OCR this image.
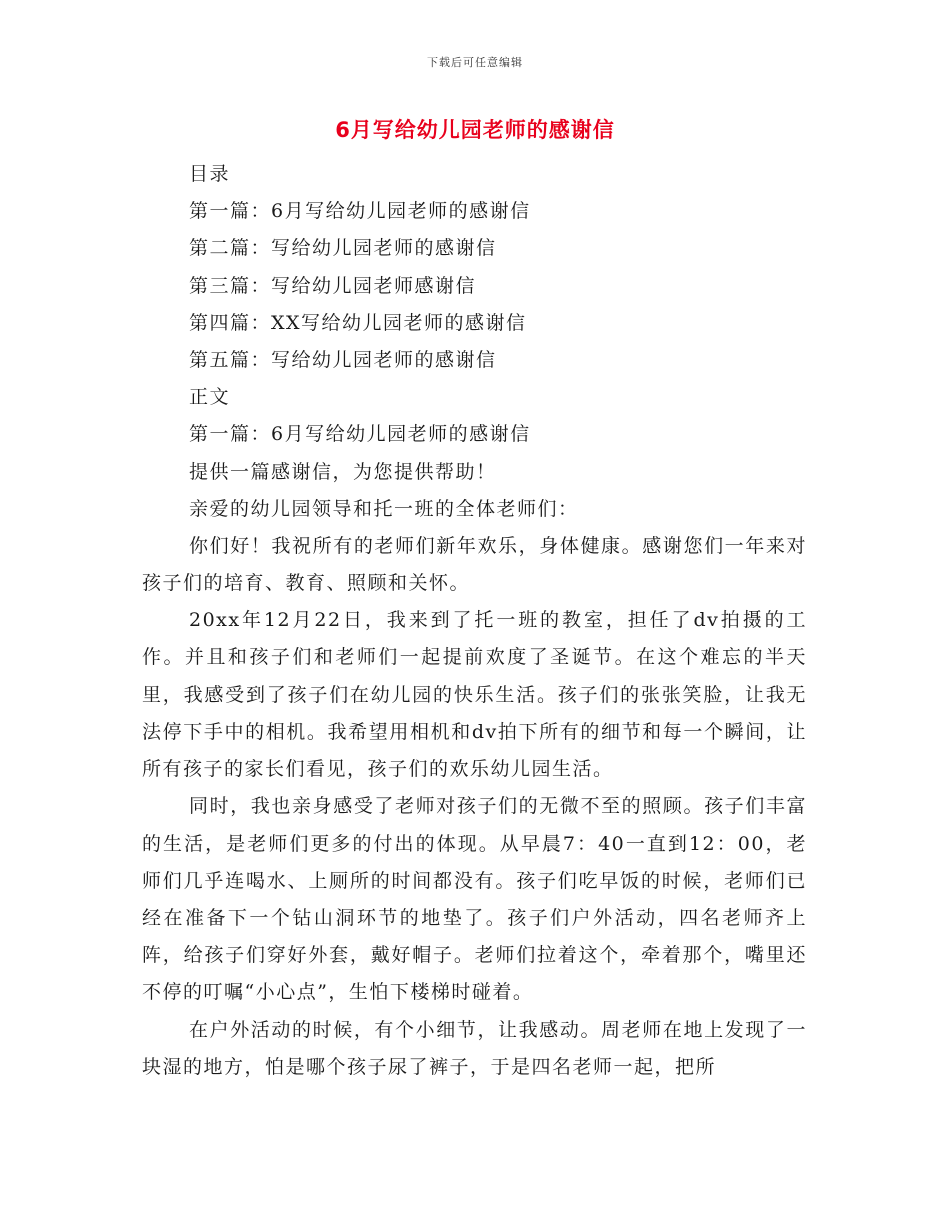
下载后可任意编辑
6月写给幼儿园老师的感谢信
目录
第一篇：6月写给幼儿园老师的感谢信
第二篇：写给幼儿园老师的感谢信
第三篇：写给幼儿园老师感谢信
第四篇：XX写给幼儿园老师的感谢信
第五篇：写给幼儿园老师的感谢信
正文
第一篇：6月写给幼儿园老师的感谢信
提供一篇感谢信，为您提供帮助！
亲爱的幼儿园领导和托一班的全体老师们：

你们好！我祝所有的老师们新年欢乐，身体健康。感谢您们一年来对孩子们的培育、教育、照顾和关怀。

20xx年12月22日，我来到了托一班的教室，担任了dv拍摄的工作。并且和孩子们和老师们一起提前欢度了圣诞节。在这个难忘的半天里，我感受到了孩子们在幼儿园的快乐生活。孩子们的张张笑脸，让我无法停下手中的相机。我希望用相机和dv拍下所有的细节和每一个瞬间，让所有孩子的家长们看见，孩子们的欢乐幼儿园生活。

同时，我也亲身感受了老师对孩子们的无微不至的照顾。孩子们丰富的生活，是老师们更多的付出的体现。从早晨7：40一直到12：00，老师们几乎连喝水、上厕所的时间都没有。孩子们吃早饭的时候，老师们已经在准备下一个钻山洞环节的地垫了。孩子们户外活动，四名老师齐上阵，给孩子们穿好外套，戴好帽子。老师们拉着这个，牵着那个，嘴里还不停的叮嘱“小心点”，生怕下楼梯时碰着。

在户外活动的时候，有个小细节，让我感动。周老师在地上发现了一块湿的地方，怕是哪个孩子尿了裤子，于是四名老师一起，把所
